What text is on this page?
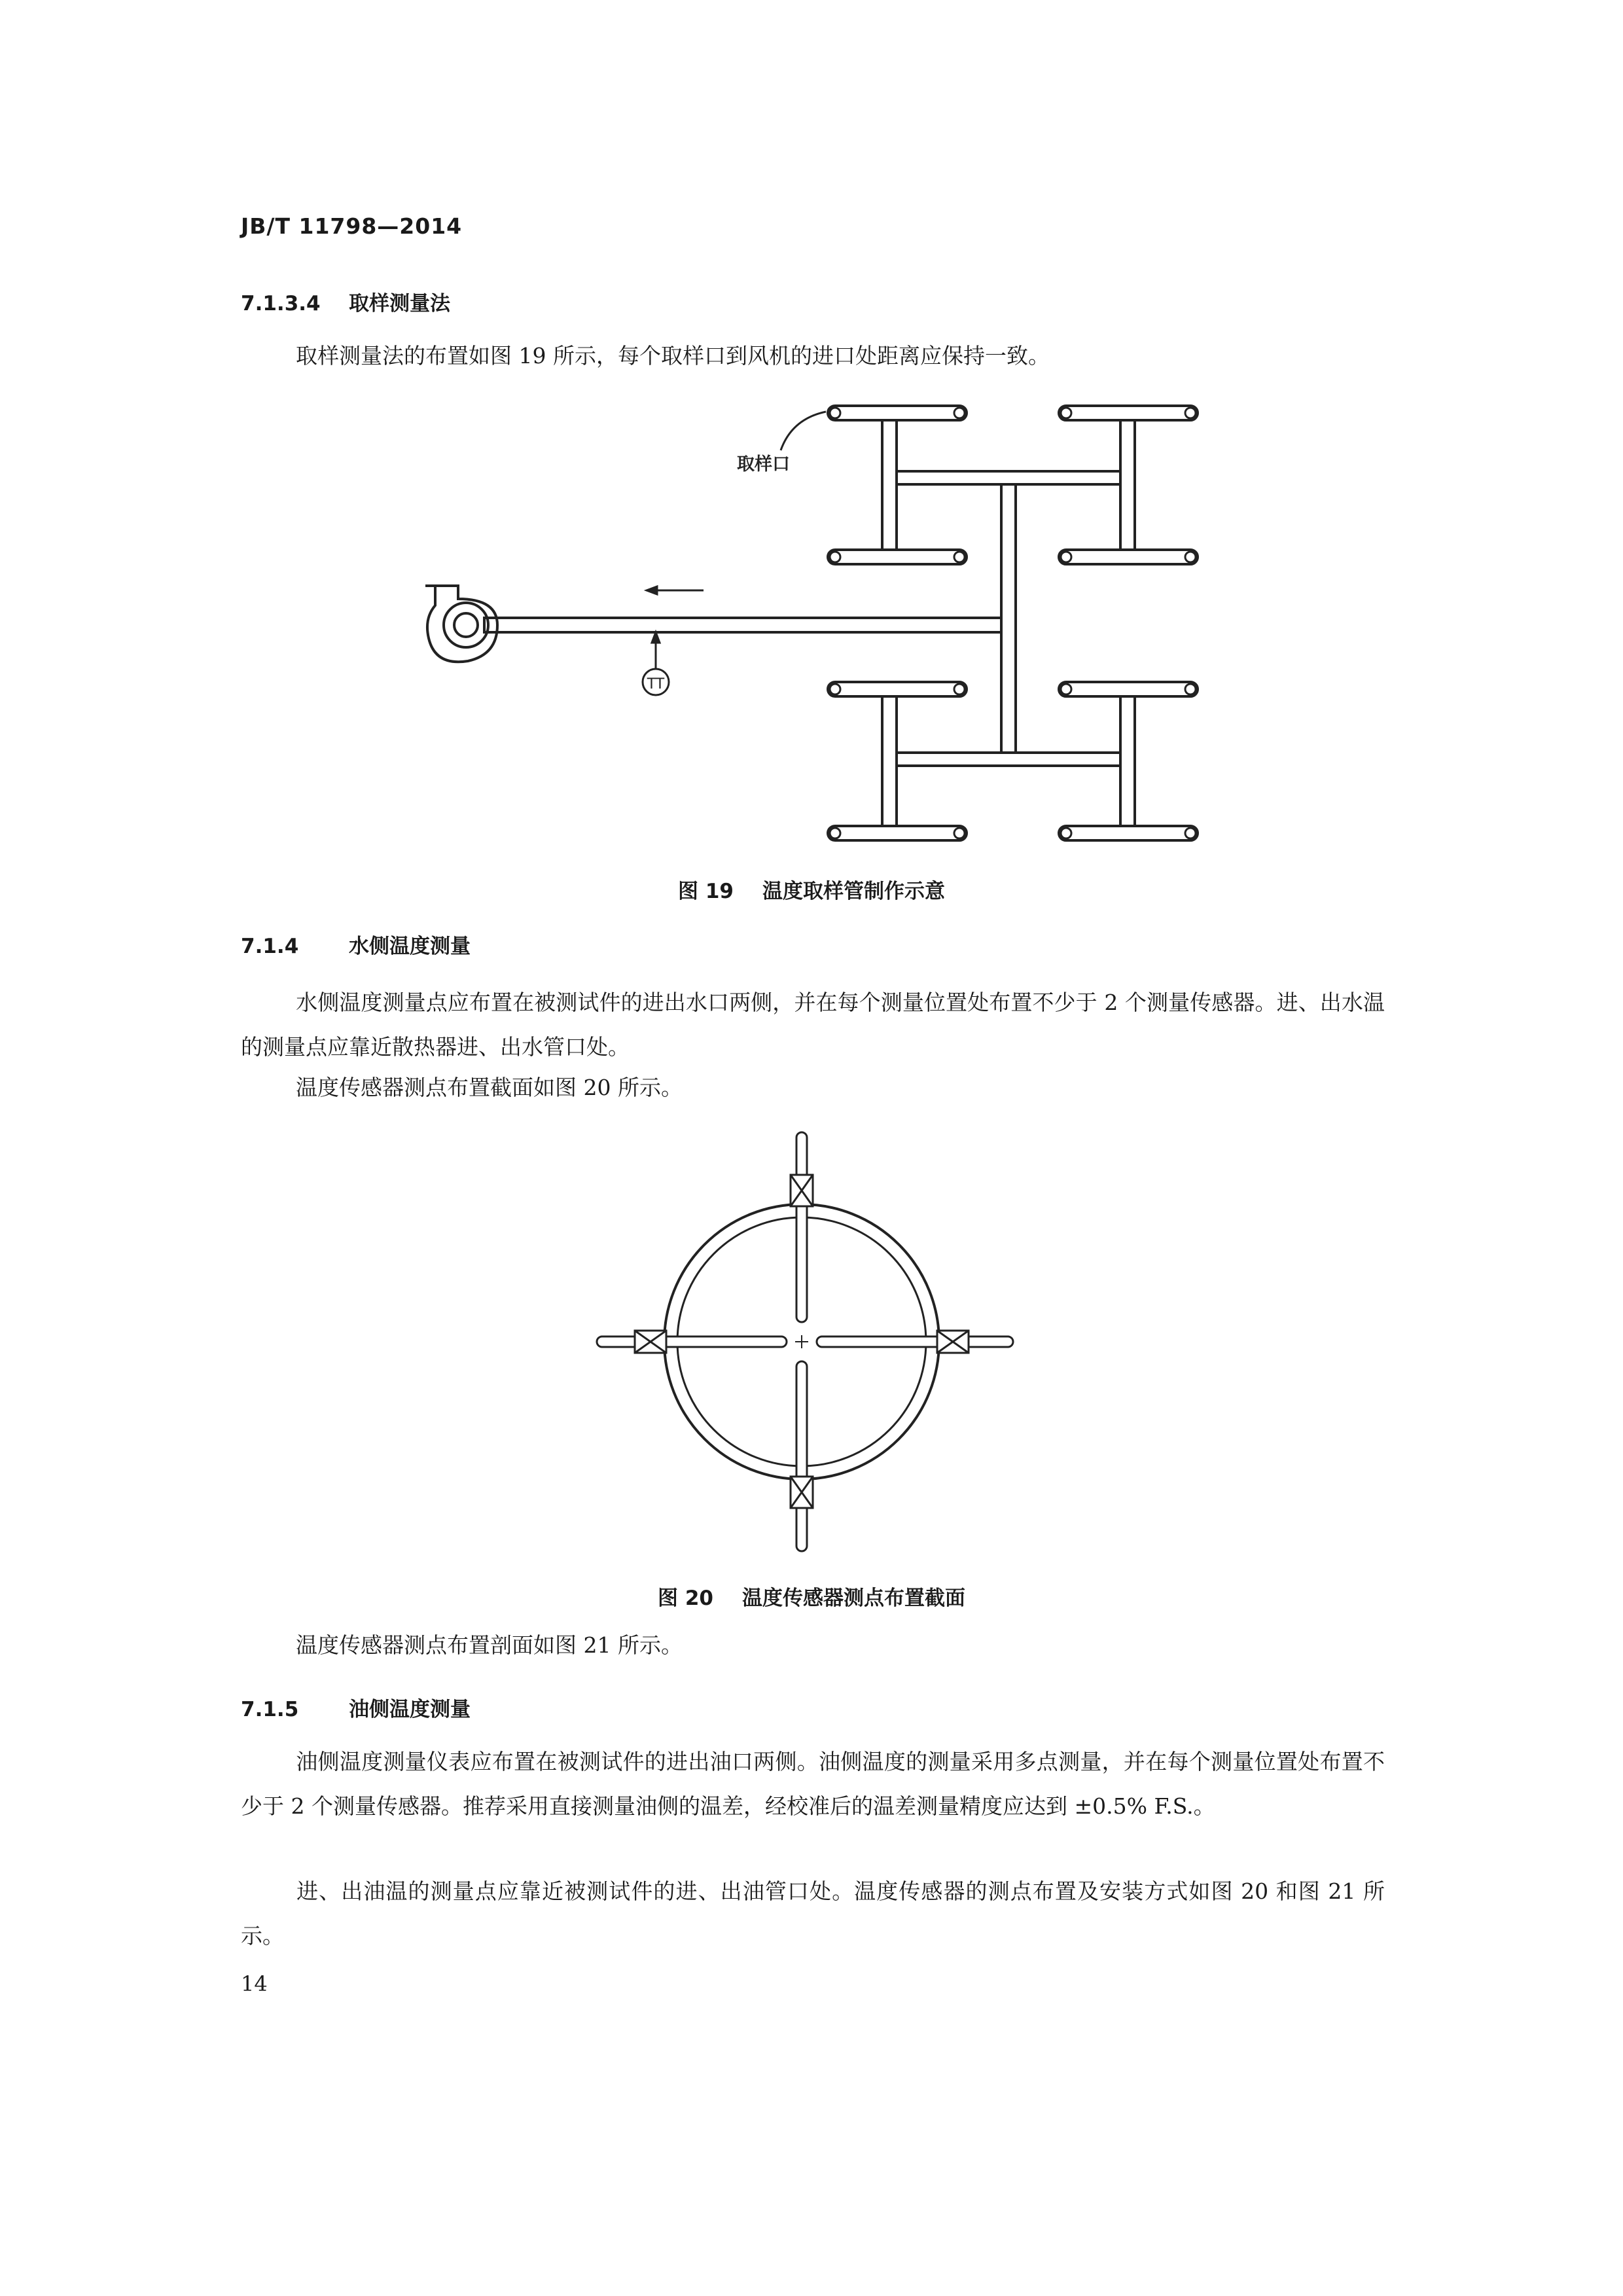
JB/T 11798—2014
7.1.3.4 取样测量法
取样测量法的布置如图 19 所示，每个取样口到风机的进口处距离应保持一致。
TT
取样口
图 19 温度取样管制作示意
7.1.4 水侧温度测量
水侧温度测量点应布置在被测试件的进出水口两侧，并在每个测量位置处布置不少于 2 个测量传感器。进、出水温的测量点应靠近散热器进、出水管口处。
温度传感器测点布置截面如图 20 所示。
图 20 温度传感器测点布置截面
温度传感器测点布置剖面如图 21 所示。
7.1.5 油侧温度测量
油侧温度测量仪表应布置在被测试件的进出油口两侧。油侧温度的测量采用多点测量，并在每个测量位置处布置不少于 2 个测量传感器。推荐采用直接测量油侧的温差，经校准后的温差测量精度应达到 ±0.5% F.S.。
进、出油温的测量点应靠近被测试件的进、出油管口处。温度传感器的测点布置及安装方式如图 20 和图 21 所示。
14
